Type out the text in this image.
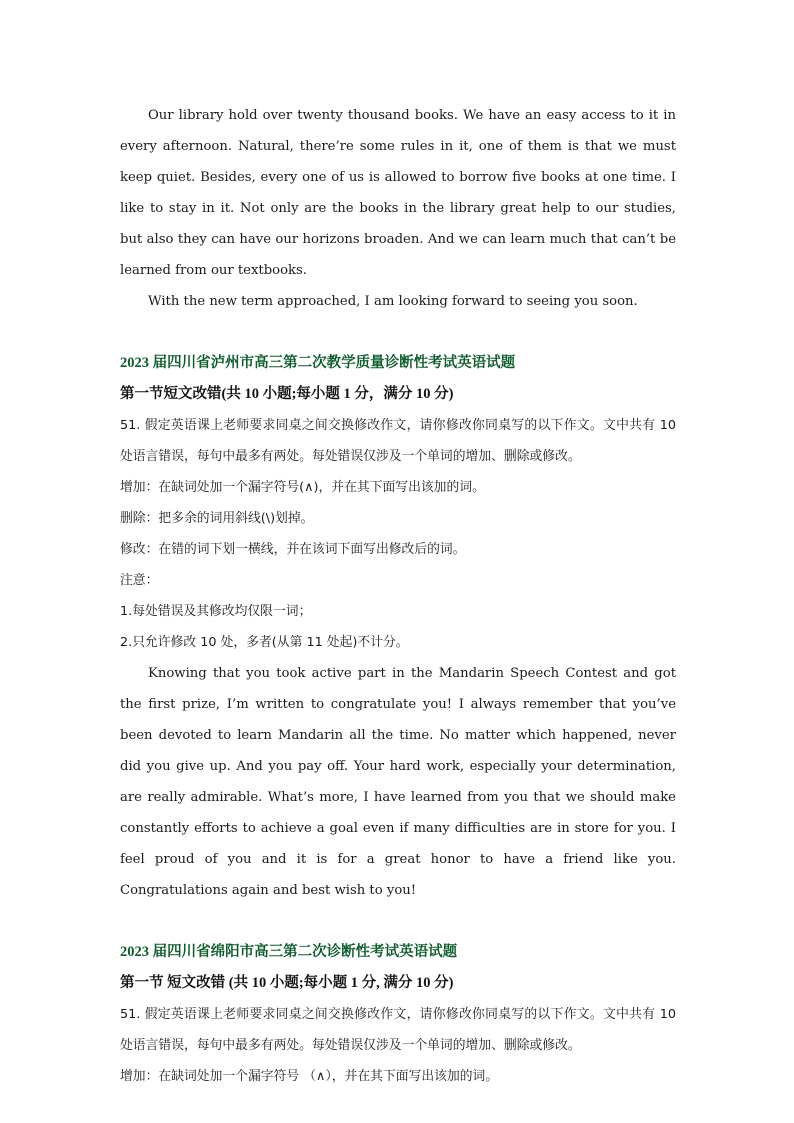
Our library hold over twenty thousand books. We have an easy access to it in every afternoon. Natural, there’re some rules in it, one of them is that we must keep quiet. Besides, every one of us is allowed to borrow five books at one time. I like to stay in it. Not only are the books in the library great help to our studies, but also they can have our horizons broaden. And we can learn much that can’t be learned from our textbooks.

With the new term approached, I am looking forward to seeing you soon.

2023 届四川省泸州市高三第二次教学质量诊断性考试英语试题

第一节短文改错(共 10 小题;每小题 1 分，满分 10 分)

51. 假定英语课上老师要求同桌之间交换修改作文，请你修改你同桌写的以下作文。文中共有 10 处语言错误，每句中最多有两处。每处错误仅涉及一个单词的增加、删除或修改。

增加：在缺词处加一个漏字符号(∧)，并在其下面写出该加的词。

删除：把多余的词用斜线(\)划掉。

修改：在错的词下划一横线，并在该词下面写出修改后的词。

注意：

1.每处错误及其修改均仅限一词；

2.只允许修改 10 处，多者(从第 11 处起)不计分。

Knowing that you took active part in the Mandarin Speech Contest and got the first prize, I’m written to congratulate you! I always remember that you’ve been devoted to learn Mandarin all the time. No matter which happened, never did you give up. And you pay off. Your hard work, especially your determination, are really admirable. What’s more, I have learned from you that we should make constantly efforts to achieve a goal even if many difficulties are in store for you. I feel proud of you and it is for a great honor to have a friend like you. Congratulations again and best wish to you!

2023 届四川省绵阳市高三第二次诊断性考试英语试题

第一节 短文改错 (共 10 小题;每小题 1 分, 满分 10 分)

51. 假定英语课上老师要求同桌之间交换修改作文，请你修改你同桌写的以下作文。文中共有 10 处语言错误，每句中最多有两处。每处错误仅涉及一个单词的增加、删除或修改。

增加：在缺词处加一个漏字符号 （∧），并在其下面写出该加的词。
